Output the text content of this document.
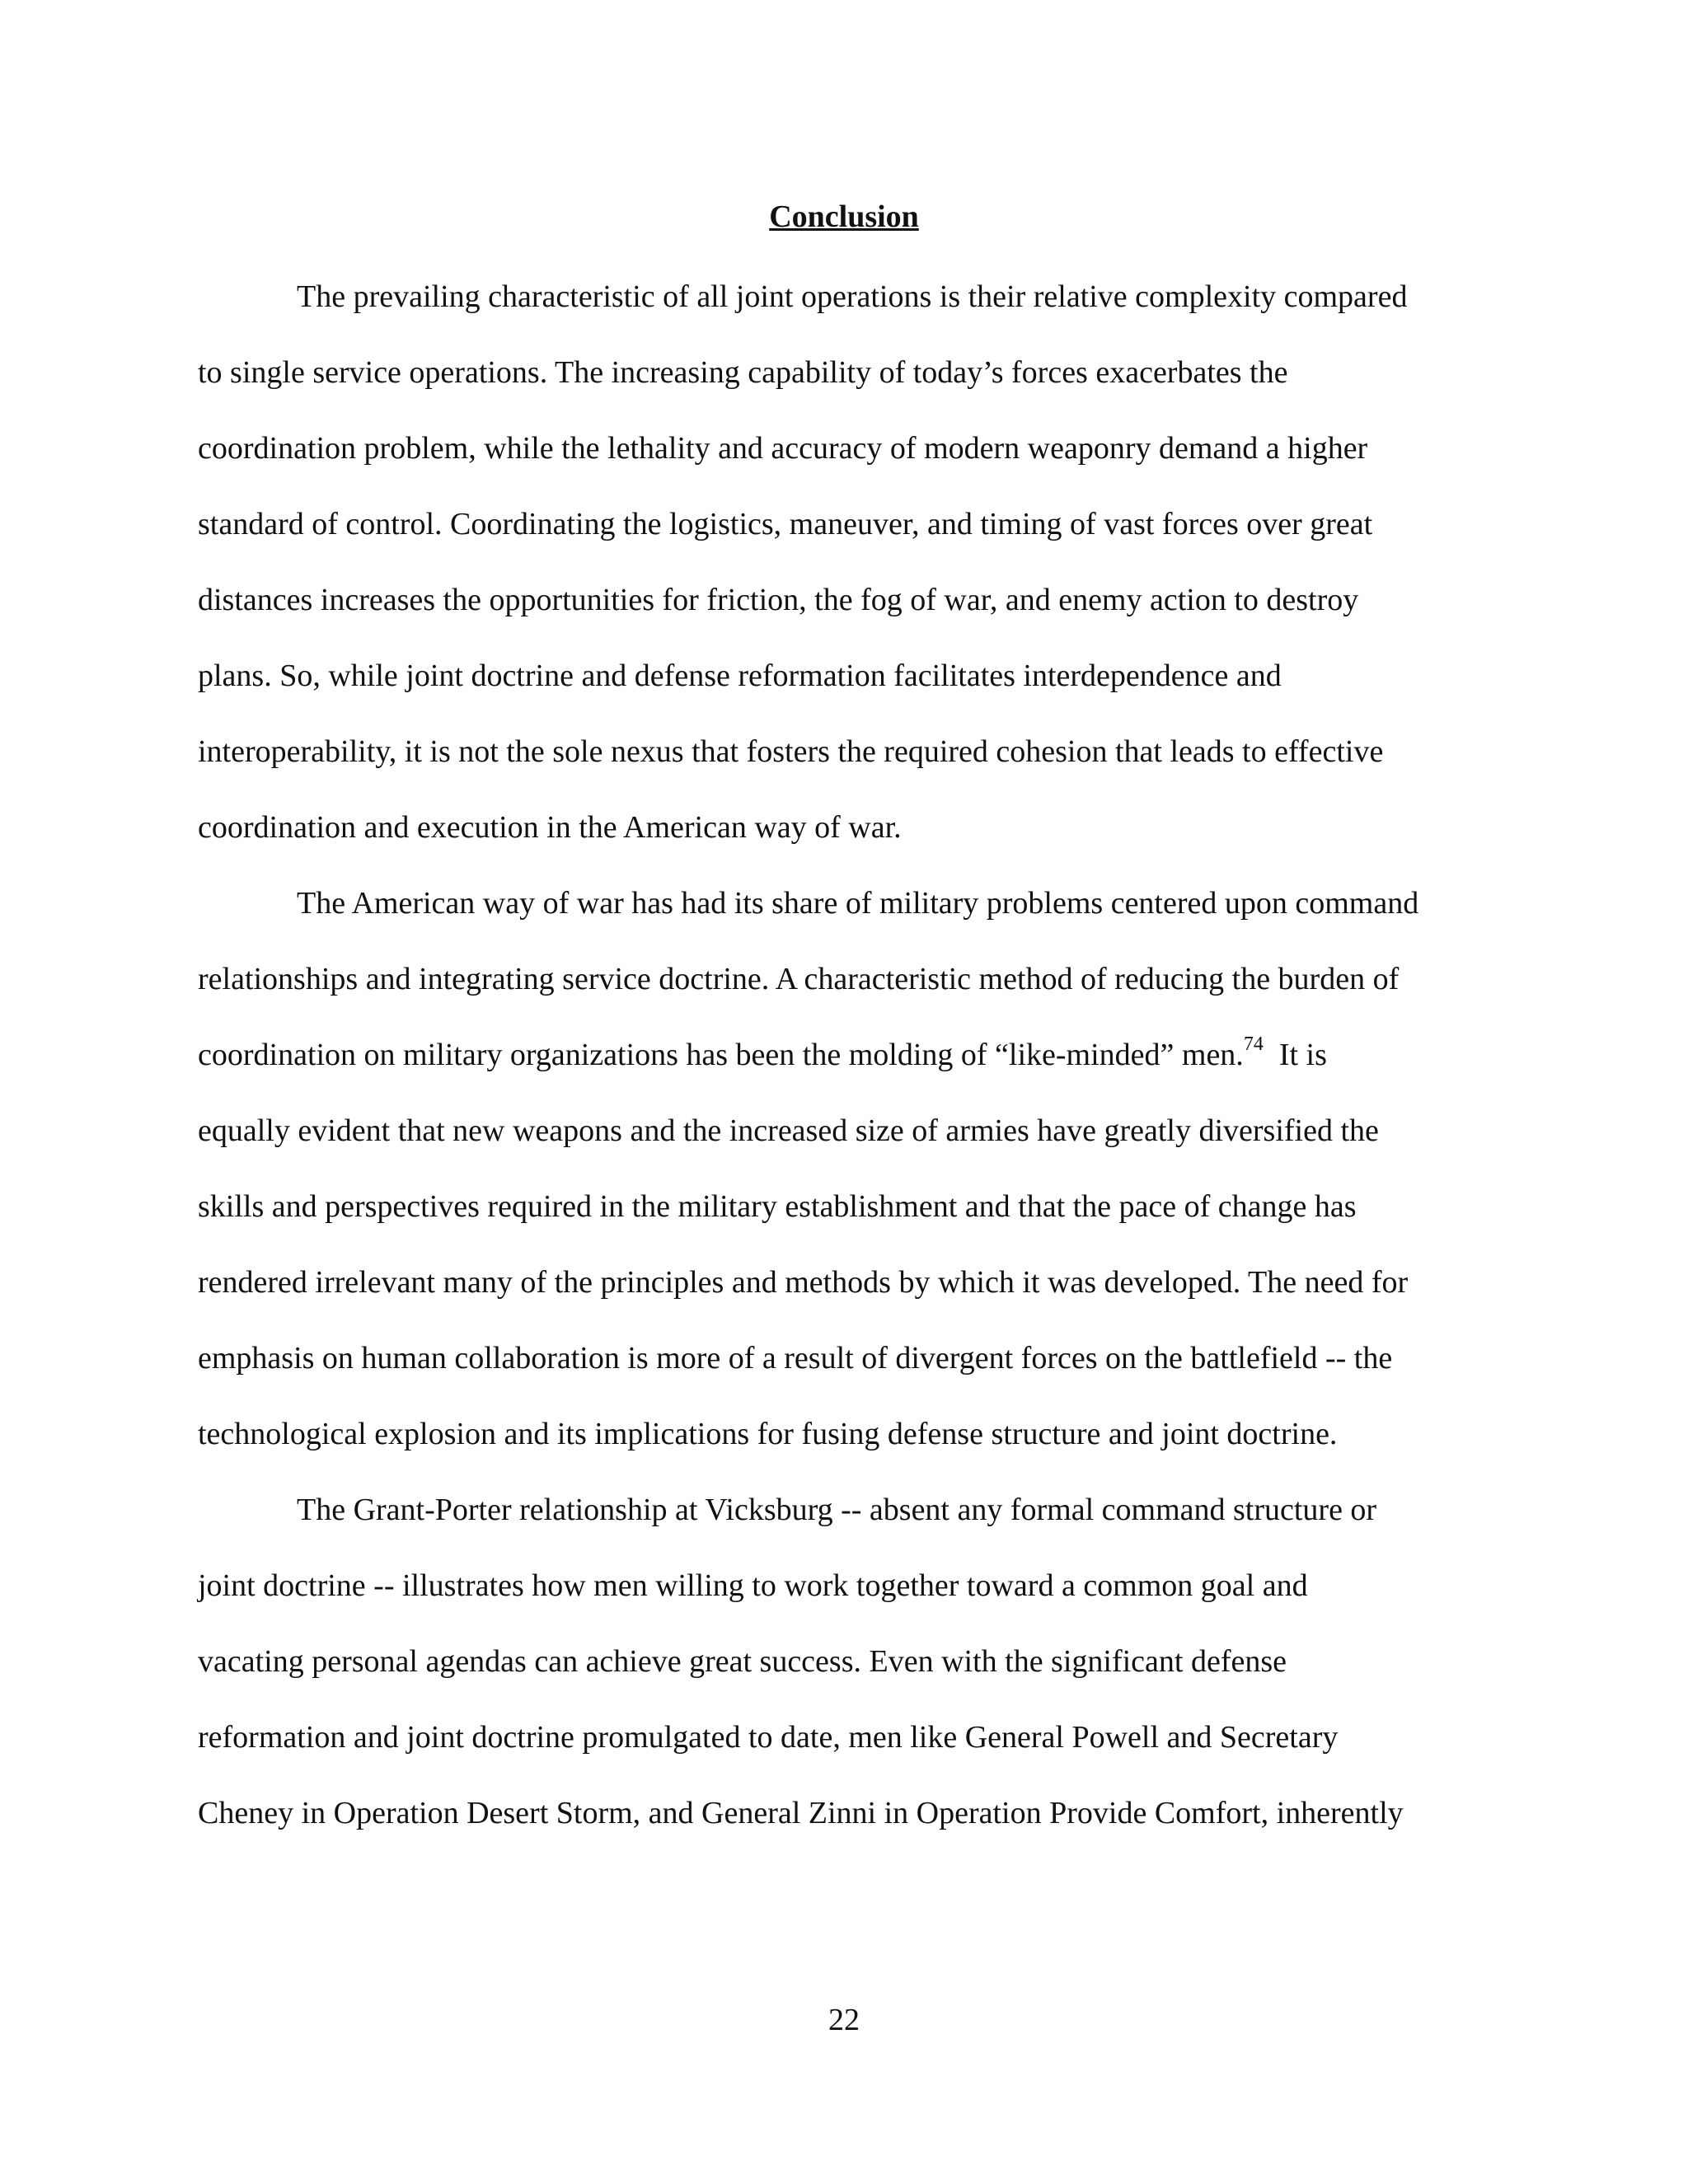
Conclusion
The prevailing characteristic of all joint operations is their relative complexity compared
to single service operations. The increasing capability of today’s forces exacerbates the
coordination problem, while the lethality and accuracy of modern weaponry demand a higher
standard of control. Coordinating the logistics, maneuver, and timing of vast forces over great
distances increases the opportunities for friction, the fog of war, and enemy action to destroy
plans. So, while joint doctrine and defense reformation facilitates interdependence and
interoperability, it is not the sole nexus that fosters the required cohesion that leads to effective
coordination and execution in the American way of war.
The American way of war has had its share of military problems centered upon command
relationships and integrating service doctrine. A characteristic method of reducing the burden of
coordination on military organizations has been the molding of “like-minded” men.$^{74}$  It is
equally evident that new weapons and the increased size of armies have greatly diversified the
skills and perspectives required in the military establishment and that the pace of change has
rendered irrelevant many of the principles and methods by which it was developed. The need for
emphasis on human collaboration is more of a result of divergent forces on the battlefield -- the
technological explosion and its implications for fusing defense structure and joint doctrine.
The Grant-Porter relationship at Vicksburg -- absent any formal command structure or
joint doctrine -- illustrates how men willing to work together toward a common goal and
vacating personal agendas can achieve great success. Even with the significant defense
reformation and joint doctrine promulgated to date, men like General Powell and Secretary
Cheney in Operation Desert Storm, and General Zinni in Operation Provide Comfort, inherently
22
